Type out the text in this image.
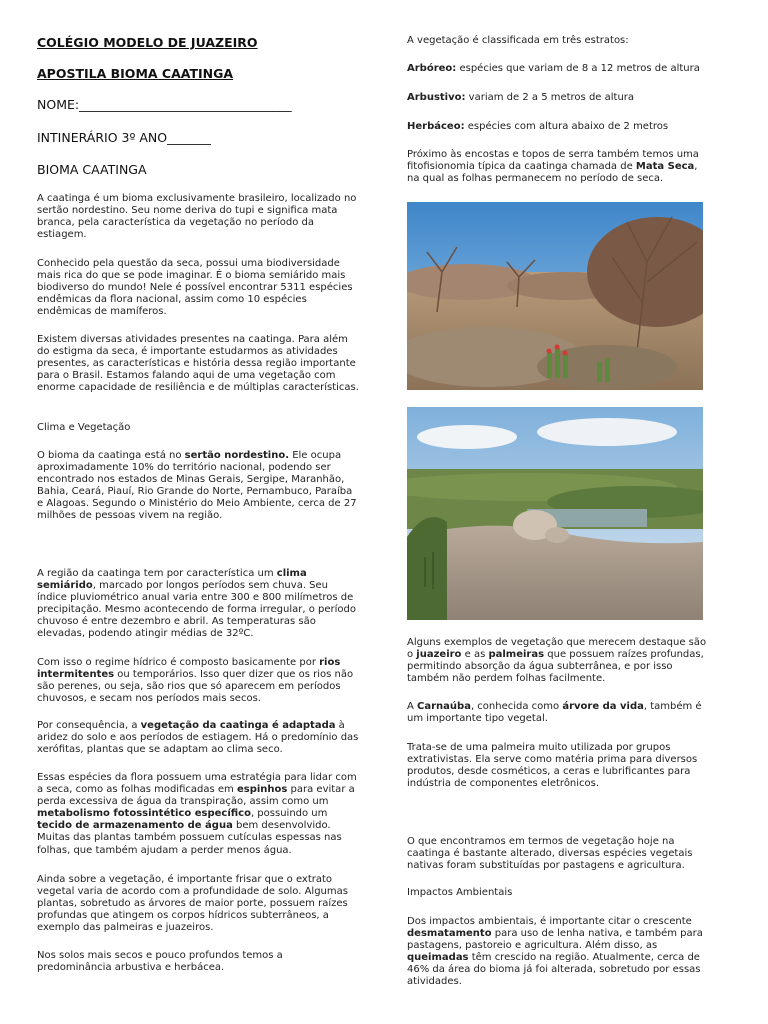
COLÉGIO MODELO DE JUAZEIRO
APOSTILA BIOMA CAATINGA
NOME:__________________________________
INTINERÁRIO 3º ANO_______
BIOMA CAATINGA

A caatinga é um bioma exclusivamente brasileiro, localizado no sertão nordestino. Seu nome deriva do tupi e significa mata branca, pela característica da vegetação no período da estiagem.

Conhecido pela questão da seca, possui uma biodiversidade mais rica do que se pode imaginar. É o bioma semiárido mais biodiverso do mundo! Nele é possível encontrar 5311 espécies endêmicas da flora nacional, assim como 10 espécies endêmicas de mamíferos.

Existem diversas atividades presentes na caatinga. Para além do estigma da seca, é importante estudarmos as atividades presentes, as características e história dessa região importante para o Brasil. Estamos falando aqui de uma vegetação com enorme capacidade de resiliência e de múltiplas características.

Clima e Vegetação

O bioma da caatinga está no sertão nordestino. Ele ocupa aproximadamente 10% do território nacional, podendo ser encontrado nos estados de Minas Gerais, Sergipe, Maranhão, Bahia, Ceará, Piauí, Rio Grande do Norte, Pernambuco, Paraíba e Alagoas. Segundo o Ministério do Meio Ambiente, cerca de 27 milhões de pessoas vivem na região.

A região da caatinga tem por característica um clima semiárido, marcado por longos períodos sem chuva. Seu índice pluviométrico anual varia entre 300 e 800 milímetros de precipitação. Mesmo acontecendo de forma irregular, o período chuvoso é entre dezembro e abril. As temperaturas são elevadas, podendo atingir médias de 32ºC.

Com isso o regime hídrico é composto basicamente por rios intermitentes ou temporários. Isso quer dizer que os rios não são perenes, ou seja, são rios que só aparecem em períodos chuvosos, e secam nos períodos mais secos.

Por consequência, a vegetação da caatinga é adaptada à aridez do solo e aos períodos de estiagem. Há o predomínio das xerófitas, plantas que se adaptam ao clima seco.

Essas espécies da flora possuem uma estratégia para lidar com a seca, como as folhas modificadas em espinhos para evitar a perda excessiva de água da transpiração, assim como um metabolismo fotossintético específico, possuindo um tecido de armazenamento de água bem desenvolvido. Muitas das plantas também possuem cutículas espessas nas folhas, que também ajudam a perder menos água.

Ainda sobre a vegetação, é importante frisar que o extrato vegetal varia de acordo com a profundidade de solo. Algumas plantas, sobretudo as árvores de maior porte, possuem raízes profundas que atingem os corpos hídricos subterrâneos, a exemplo das palmeiras e juazeiros.

Nos solos mais secos e pouco profundos temos a predominância arbustiva e herbácea.

A vegetação é classificada em três estratos:

Arbóreo: espécies que variam de 8 a 12 metros de altura

Arbustivo: variam de 2 a 5 metros de altura

Herbáceo: espécies com altura abaixo de 2 metros

Próximo às encostas e topos de serra também temos uma fitofisionomia típica da caatinga chamada de Mata Seca, na qual as folhas permanecem no período de seca.

Alguns exemplos de vegetação que merecem destaque são o juazeiro e as palmeiras que possuem raízes profundas, permitindo absorção da água subterrânea, e por isso também não perdem folhas facilmente.

A Carnaúba, conhecida como árvore da vida, também é um importante tipo vegetal.

Trata-se de uma palmeira muito utilizada por grupos extrativistas. Ela serve como matéria prima para diversos produtos, desde cosméticos, a ceras e lubrificantes para indústria de componentes eletrônicos.

O que encontramos em termos de vegetação hoje na caatinga é bastante alterado, diversas espécies vegetais nativas foram substituídas por pastagens e agricultura.

Impactos Ambientais

Dos impactos ambientais, é importante citar o crescente desmatamento para uso de lenha nativa, e também para pastagens, pastoreio e agricultura. Além disso, as queimadas têm crescido na região. Atualmente, cerca de 46% da área do bioma já foi alterada, sobretudo por essas atividades.
